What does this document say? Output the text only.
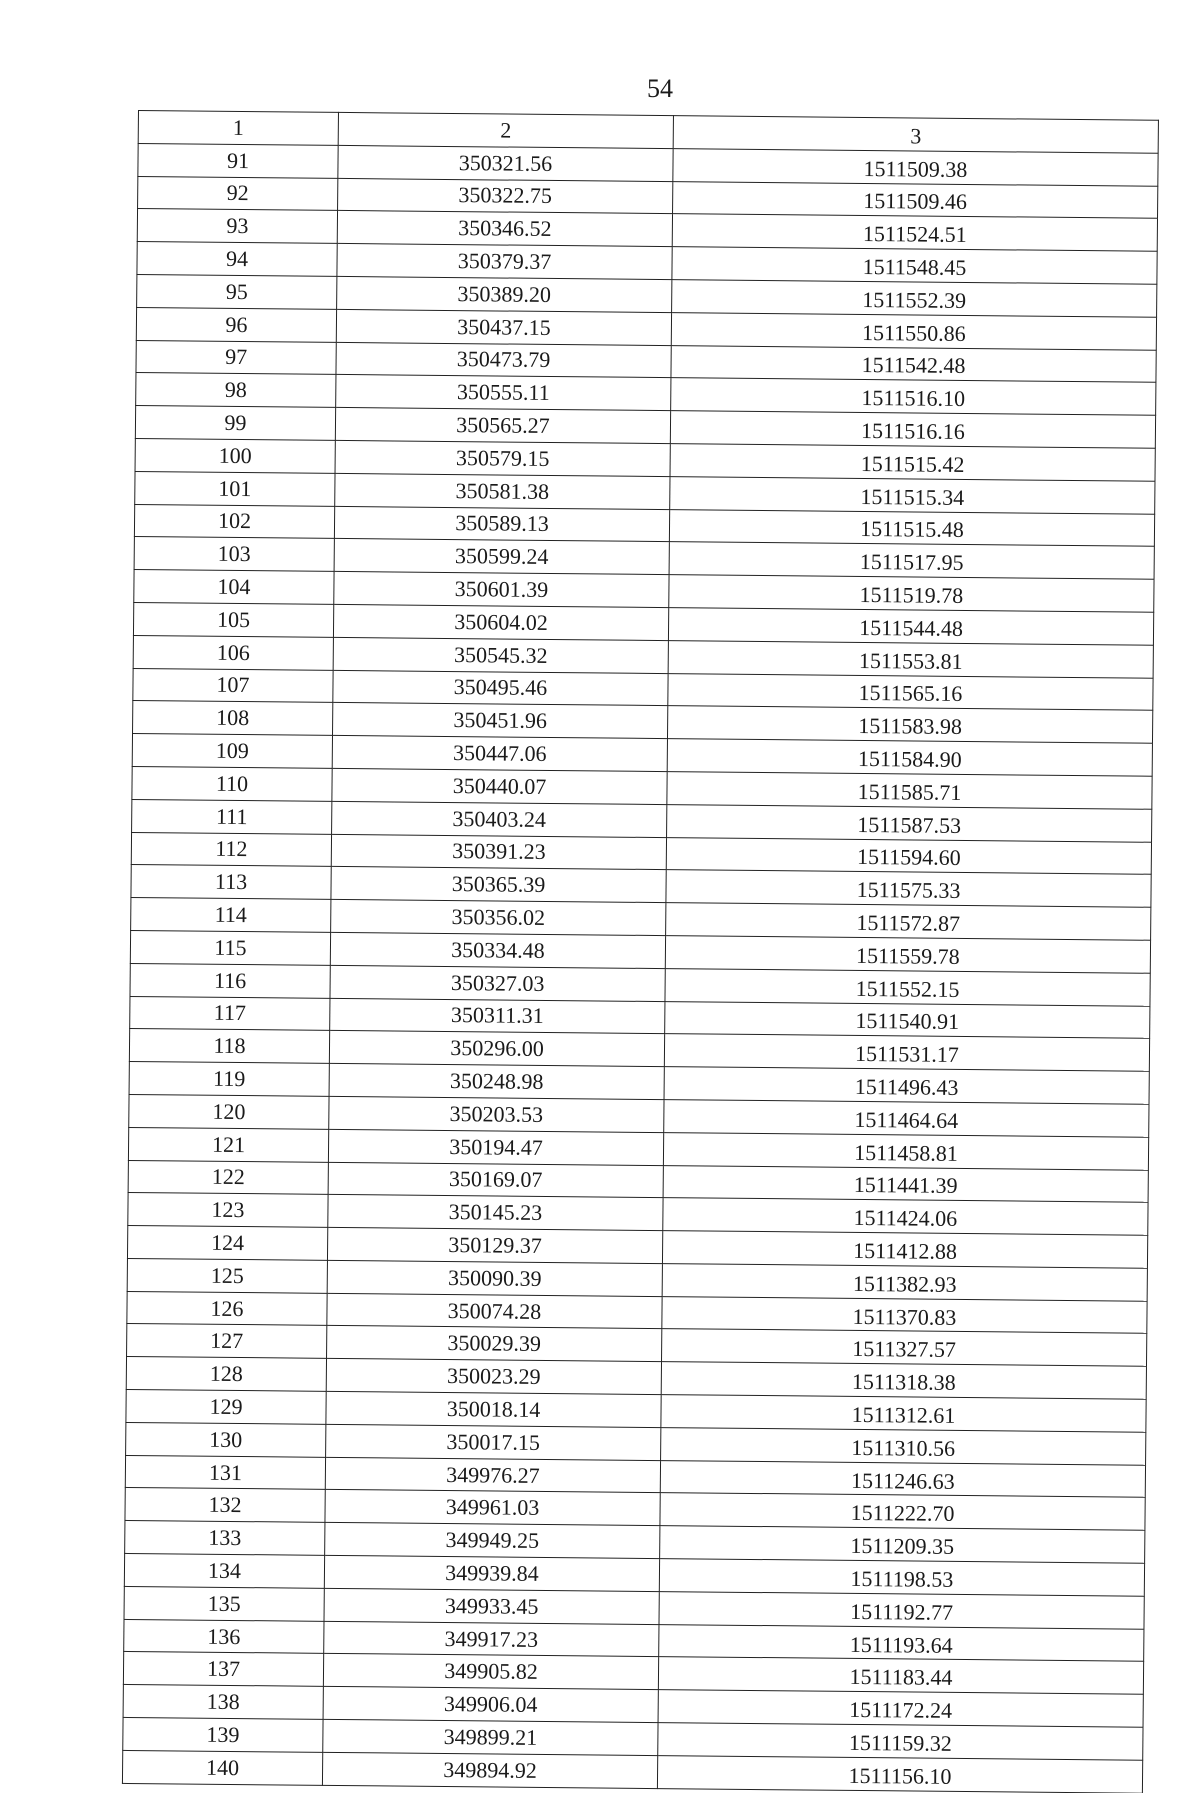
54
1	2	3
91	350321.56	1511509.38
92	350322.75	1511509.46
93	350346.52	1511524.51
94	350379.37	1511548.45
95	350389.20	1511552.39
96	350437.15	1511550.86
97	350473.79	1511542.48
98	350555.11	1511516.10
99	350565.27	1511516.16
100	350579.15	1511515.42
101	350581.38	1511515.34
102	350589.13	1511515.48
103	350599.24	1511517.95
104	350601.39	1511519.78
105	350604.02	1511544.48
106	350545.32	1511553.81
107	350495.46	1511565.16
108	350451.96	1511583.98
109	350447.06	1511584.90
110	350440.07	1511585.71
111	350403.24	1511587.53
112	350391.23	1511594.60
113	350365.39	1511575.33
114	350356.02	1511572.87
115	350334.48	1511559.78
116	350327.03	1511552.15
117	350311.31	1511540.91
118	350296.00	1511531.17
119	350248.98	1511496.43
120	350203.53	1511464.64
121	350194.47	1511458.81
122	350169.07	1511441.39
123	350145.23	1511424.06
124	350129.37	1511412.88
125	350090.39	1511382.93
126	350074.28	1511370.83
127	350029.39	1511327.57
128	350023.29	1511318.38
129	350018.14	1511312.61
130	350017.15	1511310.56
131	349976.27	1511246.63
132	349961.03	1511222.70
133	349949.25	1511209.35
134	349939.84	1511198.53
135	349933.45	1511192.77
136	349917.23	1511193.64
137	349905.82	1511183.44
138	349906.04	1511172.24
139	349899.21	1511159.32
140	349894.92	1511156.10
